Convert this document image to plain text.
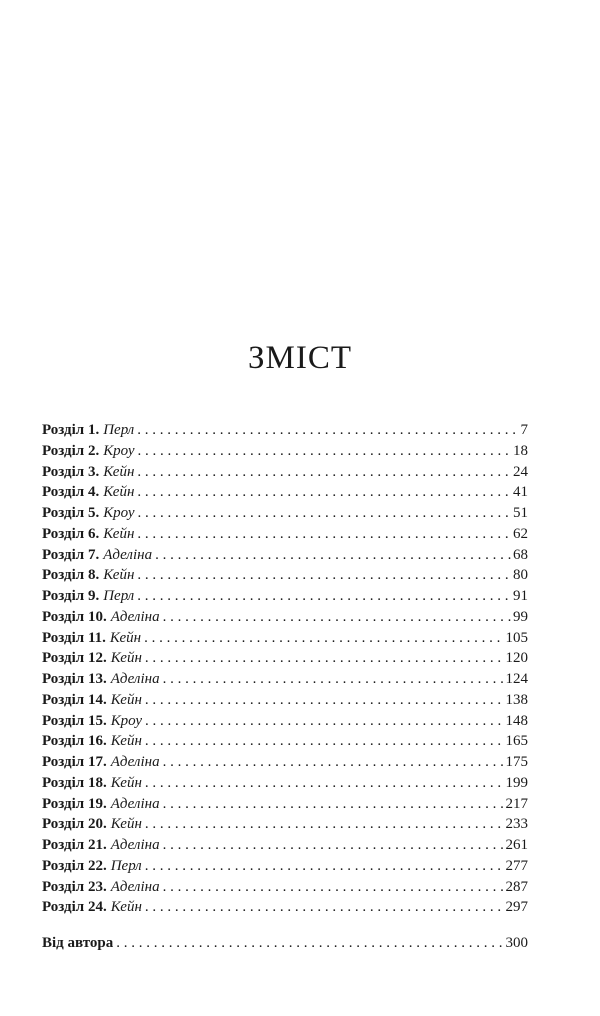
ЗМІСТ
Розділ 1. Перл . . .	7
Розділ 2. Кроу . . .	18
Розділ 3. Кейн . . .	24
Розділ 4. Кейн . . .	41
Розділ 5. Кроу . . .	51
Розділ 6. Кейн . . .	62
Розділ 7. Аделіна . . .	68
Розділ 8. Кейн . . .	80
Розділ 9. Перл . . .	91
Розділ 10. Аделіна . . .	99
Розділ 11. Кейн . . .	105
Розділ 12. Кейн . . .	120
Розділ 13. Аделіна . . .	124
Розділ 14. Кейн . . .	138
Розділ 15. Кроу . . .	148
Розділ 16. Кейн . . .	165
Розділ 17. Аделіна . . .	175
Розділ 18. Кейн . . .	199
Розділ 19. Аделіна . . .	217
Розділ 20. Кейн . . .	233
Розділ 21. Аделіна . . .	261
Розділ 22. Перл . . .	277
Розділ 23. Аделіна . . .	287
Розділ 24. Кейн . . .	297
Від автора . . .	300
